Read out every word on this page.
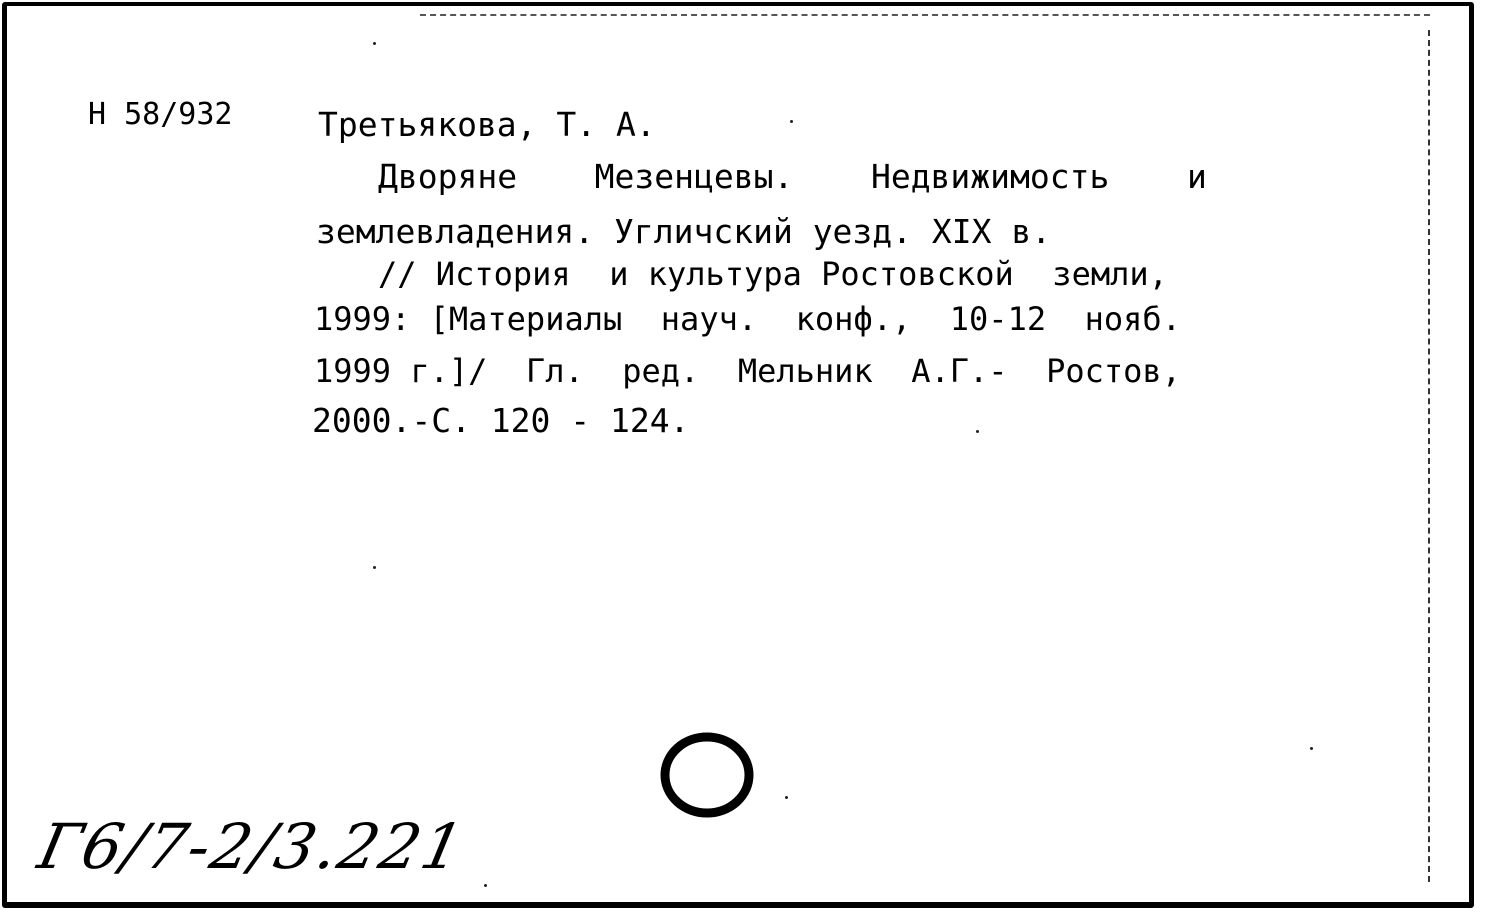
Н 58/932	Третьякова, Т. А.
Дворяне   Мезенцевы.   Недвижимость   и
землевладения. Угличский уезд. XIX в.
// История  и культура Ростовской  земли,
1999: [Материалы  науч.  конф.,  10-12  нояб.
1999 г.]/  Гл.  ред.  Мельник  А.Г.-  Ростов,
2000.-С. 120 - 124.
Г6/7-2/3.221
